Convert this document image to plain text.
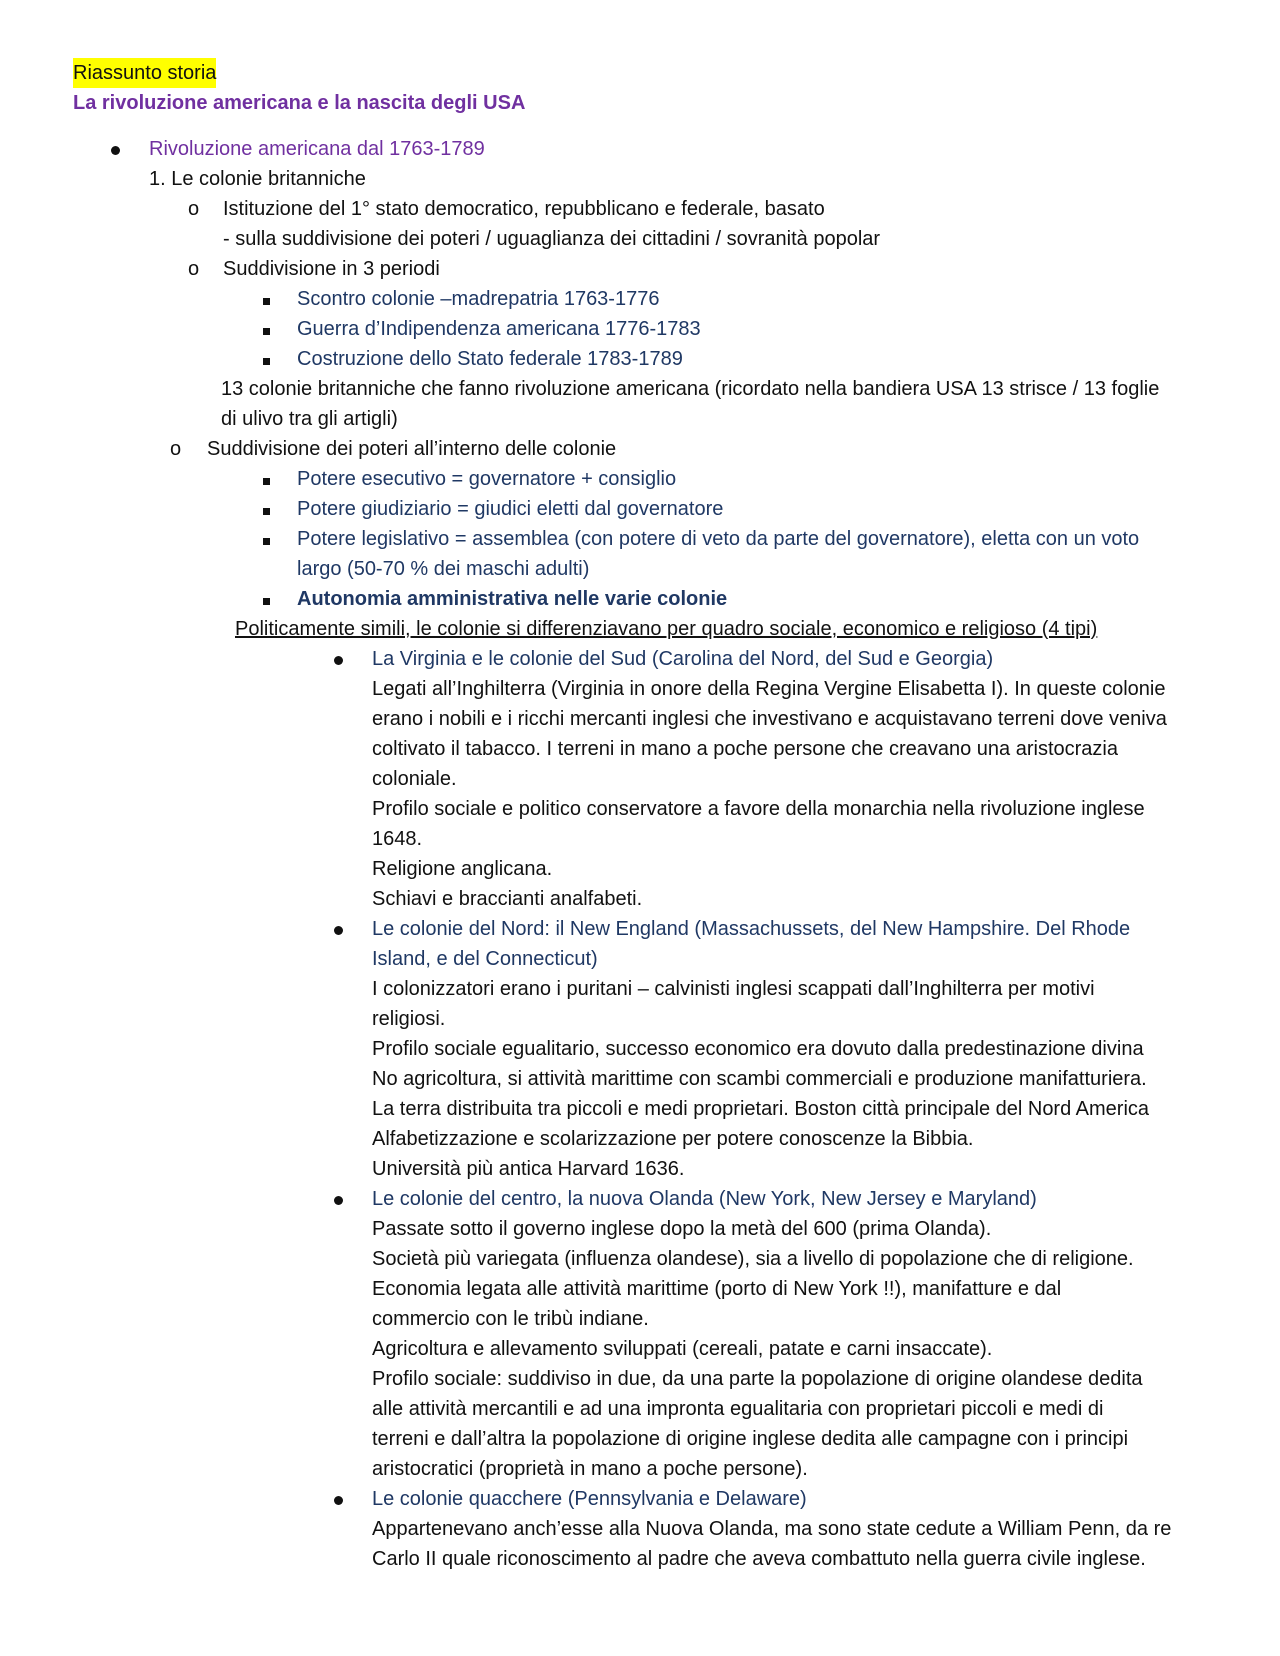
Riassunto storia
La rivoluzione americana e la nascita degli USA
Rivoluzione americana dal 1763-1789
1. Le colonie britanniche
o Istituzione del 1° stato democratico, repubblicano e federale, basato
- sulla suddivisione dei poteri / uguaglianza dei cittadini / sovranità popolar
o Suddivisione in 3 periodi
Scontro colonie –madrepatria 1763-1776
Guerra d’Indipendenza americana 1776-1783
Costruzione dello Stato federale 1783-1789
13 colonie britanniche che fanno rivoluzione americana (ricordato nella bandiera USA 13 strisce / 13 foglie
di ulivo tra gli artigli)
o Suddivisione dei poteri all’interno delle colonie
Potere esecutivo = governatore + consiglio
Potere giudiziario = giudici eletti dal governatore
Potere legislativo = assemblea (con potere di veto da parte del governatore), eletta con un voto
largo (50-70 % dei maschi adulti)
Autonomia amministrativa nelle varie colonie
Politicamente simili, le colonie si differenziavano per quadro sociale, economico e religioso (4 tipi)
La Virginia e le colonie del Sud (Carolina del Nord, del Sud e Georgia)
Legati all’Inghilterra (Virginia in onore della Regina Vergine Elisabetta I). In queste colonie
erano i nobili e i ricchi mercanti inglesi che investivano e acquistavano terreni dove veniva
coltivato il tabacco. I terreni in mano a poche persone che creavano una aristocrazia
coloniale.
Profilo sociale e politico conservatore a favore della monarchia nella rivoluzione inglese
1648.
Religione anglicana.
Schiavi e braccianti analfabeti.
Le colonie del Nord: il New England (Massachussets, del New Hampshire. Del Rhode
Island, e del Connecticut)
I colonizzatori erano i puritani – calvinisti inglesi scappati dall’Inghilterra per motivi
religiosi.
Profilo sociale egualitario, successo economico era dovuto dalla predestinazione divina
No agricoltura, si attività marittime con scambi commerciali e produzione manifatturiera.
La terra distribuita tra piccoli e medi proprietari. Boston città principale del Nord America
Alfabetizzazione e scolarizzazione per potere conoscenze la Bibbia.
Università più antica Harvard 1636.
Le colonie del centro, la nuova Olanda (New York, New Jersey e Maryland)
Passate sotto il governo inglese dopo la metà del 600 (prima Olanda).
Società più variegata (influenza olandese), sia a livello di popolazione che di religione.
Economia legata alle attività marittime (porto di New York !!), manifatture e dal
commercio con le tribù indiane.
Agricoltura e allevamento sviluppati (cereali, patate e carni insaccate).
Profilo sociale: suddiviso in due, da una parte la popolazione di origine olandese dedita
alle attività mercantili e ad una impronta egualitaria con proprietari piccoli e medi di
terreni e dall’altra la popolazione di origine inglese dedita alle campagne con i principi
aristocratici (proprietà in mano a poche persone).
Le colonie quacchere (Pennsylvania e Delaware)
Appartenevano anch’esse alla Nuova Olanda, ma sono state cedute a William Penn, da re
Carlo II quale riconoscimento al padre che aveva combattuto nella guerra civile inglese.
